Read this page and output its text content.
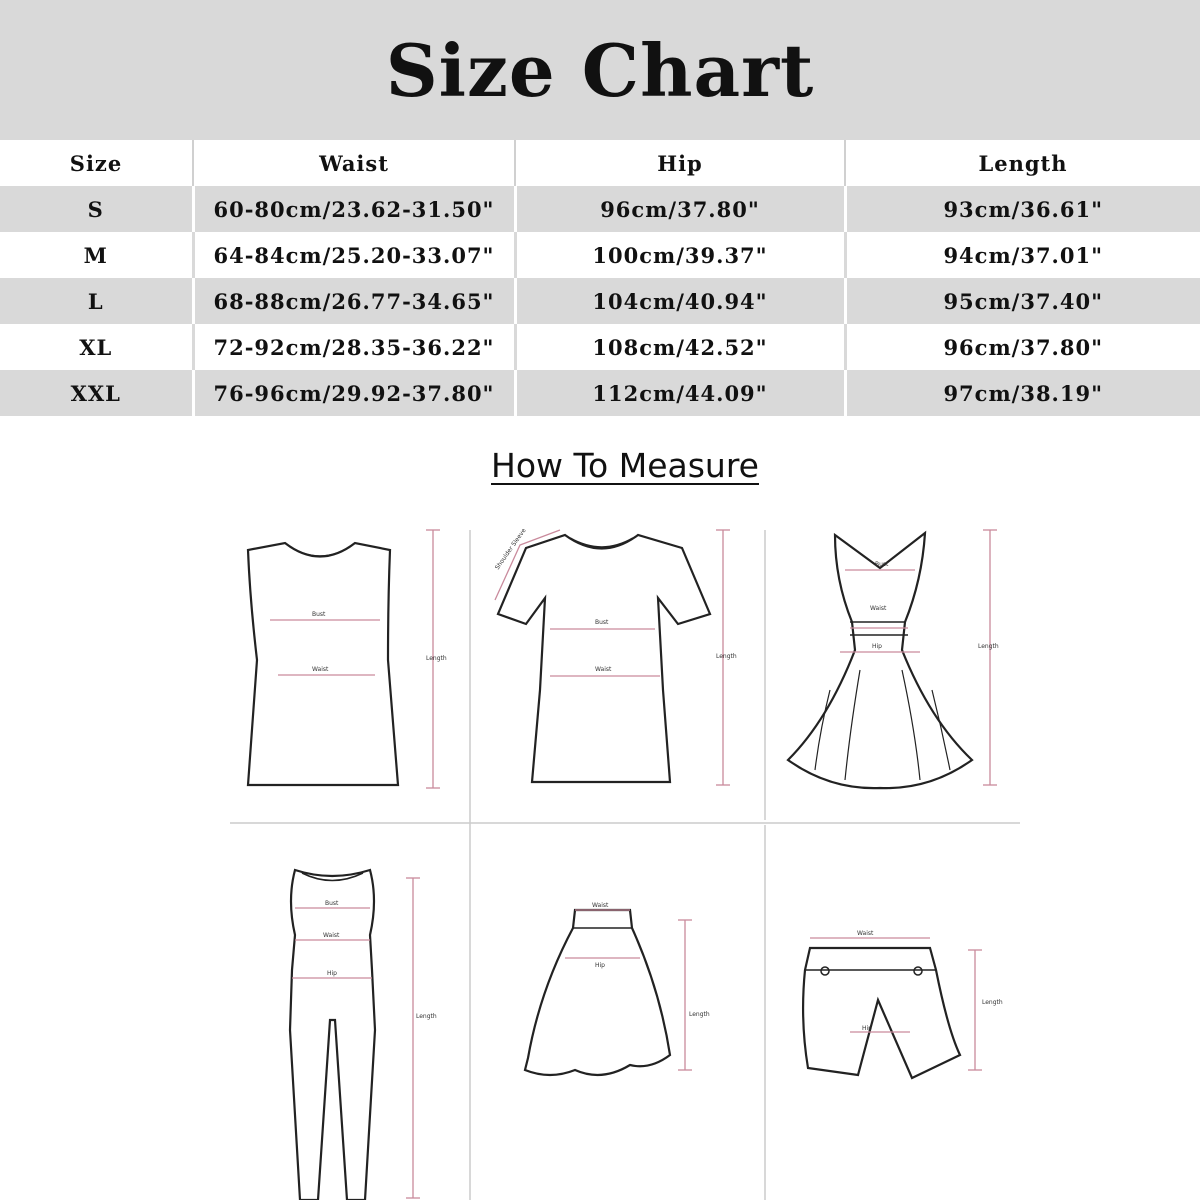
Size Chart
Size	Waist	Hip	Length
S	60-80cm/23.62-31.50"	96cm/37.80"	93cm/36.61"
M	64-84cm/25.20-33.07"	100cm/39.37"	94cm/37.01"
L	68-88cm/26.77-34.65"	104cm/40.94"	95cm/37.40"
XL	72-92cm/28.35-36.22"	108cm/42.52"	96cm/37.80"
XXL	76-96cm/29.92-37.80"	112cm/44.09"	97cm/38.19"
Bust
Waist
Length
Bust
Waist
Length
Shoulder Sleeve	Bust
Waist
Hip	Length
Bust
Waist
Hip
Length
Waist
Hip
Length
Waist
Hip
Length
How To Measure
